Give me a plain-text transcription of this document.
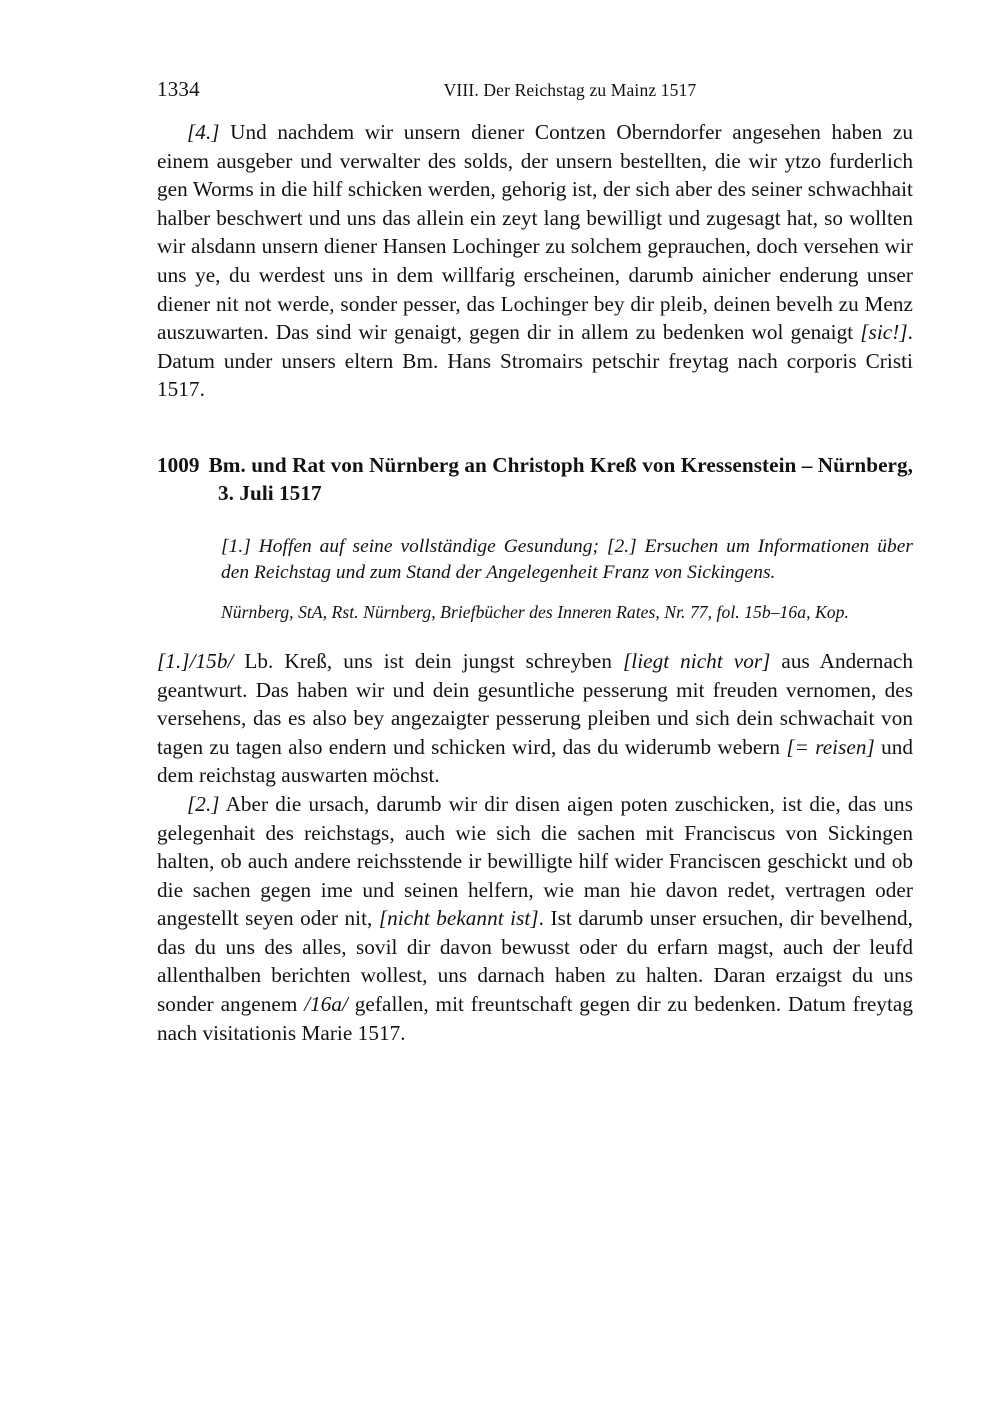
1334	VIII. Der Reichstag zu Mainz 1517

[4.] Und nachdem wir unsern diener Contzen Oberndorfer angesehen haben zu einem ausgeber und verwalter des solds, der unsern bestellten, die wir ytzo furderlich gen Worms in die hilf schicken werden, gehorig ist, der sich aber des seiner schwachhait halber beschwert und uns das allein ein zeyt lang bewilligt und zugesagt hat, so wollten wir alsdann unsern diener Hansen Lochinger zu solchem geprauchen, doch versehen wir uns ye, du werdest uns in dem willfarig erscheinen, darumb ainicher enderung unser diener nit not werde, sonder pesser, das Lochinger bey dir pleib, deinen bevelh zu Menz auszuwarten. Das sind wir genaigt, gegen dir in allem zu bedenken wol genaigt [sic!]. Datum under unsers eltern Bm. Hans Stromairs petschir freytag nach corporis Cristi 1517.

1009 Bm. und Rat von Nürnberg an Christoph Kreß von Kressenstein – Nürnberg, 3. Juli 1517

[1.] Hoffen auf seine vollständige Gesundung; [2.] Ersuchen um Informationen über den Reichstag und zum Stand der Angelegenheit Franz von Sickingens.

Nürnberg, StA, Rst. Nürnberg, Briefbücher des Inneren Rates, Nr. 77, fol. 15b–16a, Kop.

[1.]/15b/ Lb. Kreß, uns ist dein jungst schreyben [liegt nicht vor] aus Andernach geantwurt. Das haben wir und dein gesuntliche pesserung mit freuden vernomen, des versehens, das es also bey angezaigter pesserung pleiben und sich dein schwachait von tagen zu tagen also endern und schicken wird, das du widerumb webern [= reisen] und dem reichstag auswarten möchst.

[2.] Aber die ursach, darumb wir dir disen aigen poten zuschicken, ist die, das uns gelegenhait des reichstags, auch wie sich die sachen mit Franciscus von Sickingen halten, ob auch andere reichsstende ir bewilligte hilf wider Franciscen geschickt und ob die sachen gegen ime und seinen helfern, wie man hie davon redet, vertragen oder angestellt seyen oder nit, [nicht bekannt ist]. Ist darumb unser ersuchen, dir bevelhend, das du uns des alles, sovil dir davon bewusst oder du erfarn magst, auch der leufd allenthalben berichten wollest, uns darnach haben zu halten. Daran erzaigst du uns sonder angenem /16a/ gefallen, mit freuntschaft gegen dir zu bedenken. Datum freytag nach visitationis Marie 1517.
